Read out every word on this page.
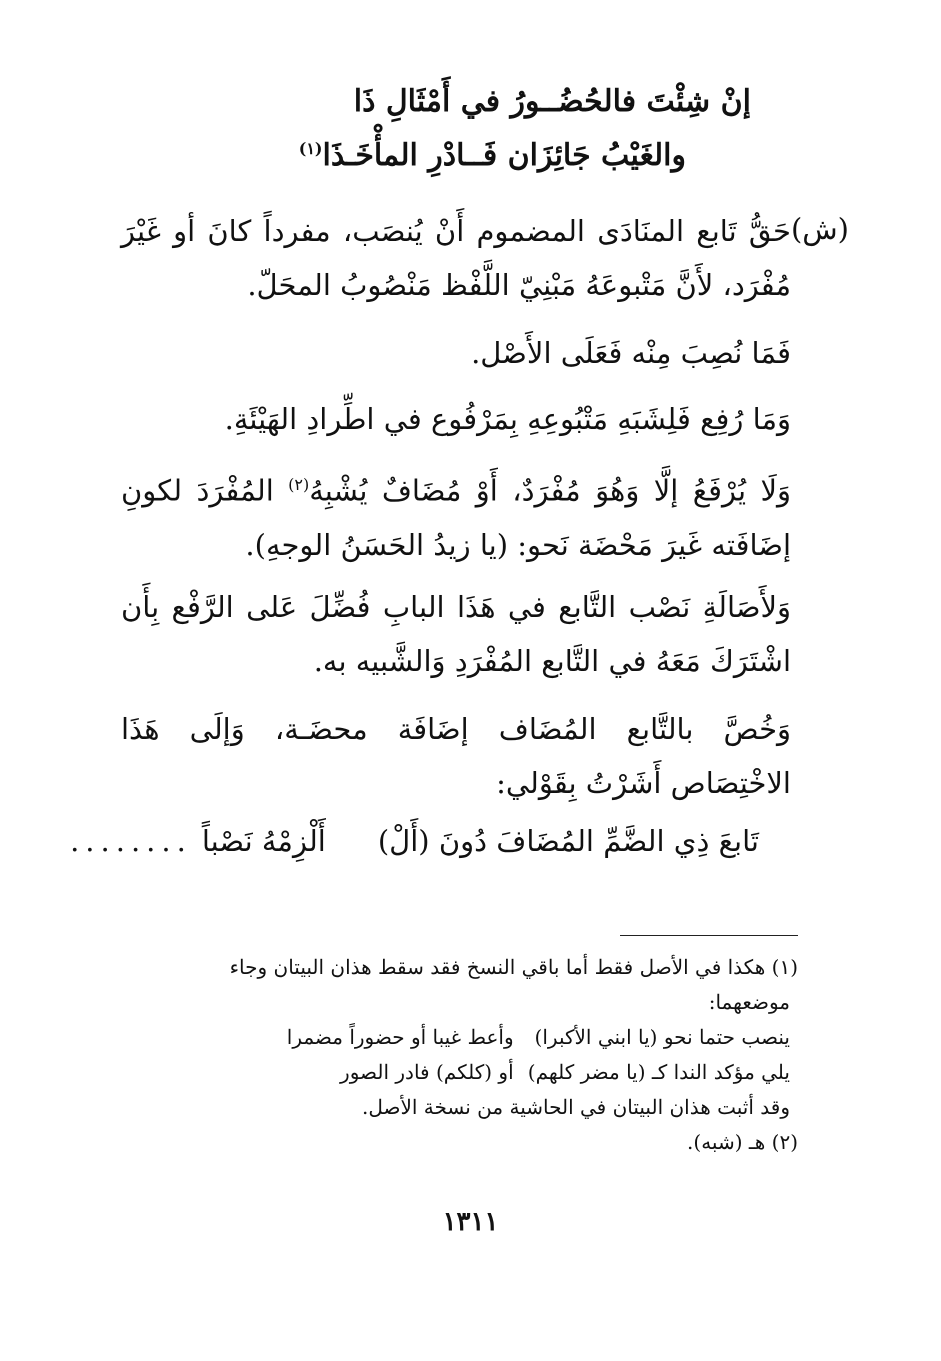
إنْ شِئْتَ فالحُضُــورُ في أَمْثَالِ ذَا
والغَيْبُ جَائِزَان فَــادْرِ المأْخَـذَا$^{(١)}$
(ش)
حَقُّ تَابع المنَادَى المضموم أَنْ يُنصَب، مفرداً كانَ أو غَيْرَ مُفْرَد، لأَنَّ مَتْبوعَهُ مَبْنِيّ اللَّفْظ مَنْصُوبُ المحَلّ.
فَمَا نُصِبَ مِنْه فَعَلَى الأَصْل.
وَمَا رُفِع فَلِشَبَهِ مَتْبُوعِهِ بِمَرْفُوع في اطِّرادِ الهَيْئَةِ.
وَلَا يُرْفَعُ إلَّا وَهُوَ مُفْرَدٌ، أَوْ مُضَافٌ يُشْبِهُ$^{(٢)}$ المُفْرَدَ لكونِ إضَافَته غَيرَ مَحْضَة نَحو: (يا زيدُ الحَسَنُ الوجهِ).
وَلأَصَالَةِ نَصْب التَّابع في هَذَا البابِ فُضِّلَ عَلى الرَّفْع بِأَن اشْتَرَكَ مَعَهُ في التَّابع المُفْرَدِ وَالشَّبيه به.
وَخُصَّ بالتَّابع المُضَاف إضَافَة محضَـة، وَإلَى هَذَا الاخْتِصَاص أَشَرْتُ بِقَوْلي:
تَابعَ ذِي الضَّمِّ المُضَافَ دُونَ (أَلْ)أَلْزِمْهُ نَصْباً........
(١) هكذا في الأصل فقط أما باقي النسخ فقد سقط هذان البيتان وجاء
موضعهما:
ينصب حتما نحو (يا ابني الأكبرا) وأعط غيبا أو حضوراً مضمرا
يلي مؤكد الندا كـ (يا مضر كلهم) أو (كلكم) فادر الصور
وقد أثبت هذان البيتان في الحاشية من نسخة الأصل.
(٢) هـ (شبه).
١٣١١
